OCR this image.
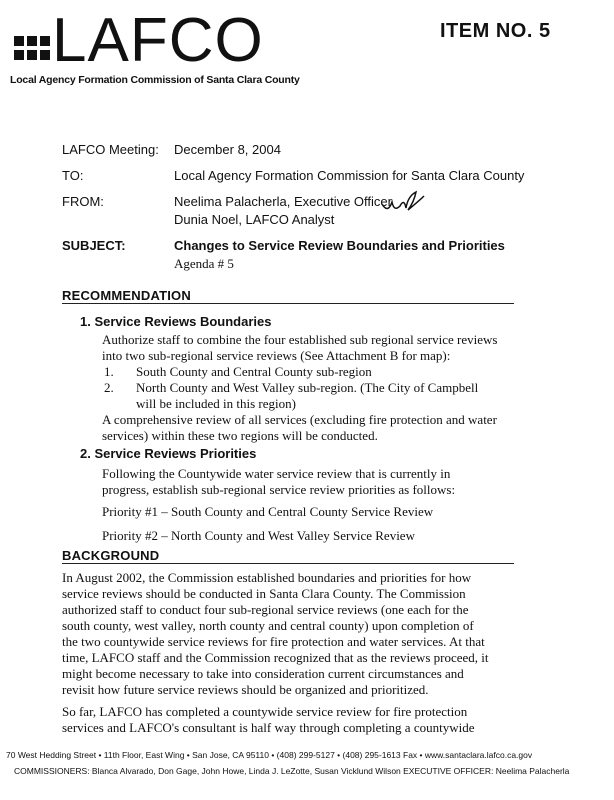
LAFCO
Local Agency Formation Commission of Santa Clara County
ITEM NO. 5
LAFCO Meeting: December 8, 2004
TO:	Local Agency Formation Commission for Santa Clara County
FROM:	Neelima Palacherla, Executive Officer
Dunia Noel, LAFCO Analyst
SUBJECT:	Changes to Service Review Boundaries and Priorities
Agenda # 5
RECOMMENDATION
1. Service Reviews Boundaries
Authorize staff to combine the four established sub regional service reviews
into two sub-regional service reviews (See Attachment B for map):
1. South County and Central County sub-region
2. North County and West Valley sub-region. (The City of Campbell
will be included in this region)
A comprehensive review of all services (excluding fire protection and water
services) within these two regions will be conducted.
2. Service Reviews Priorities
Following the Countywide water service review that is currently in
progress, establish sub-regional service review priorities as follows:
Priority #1 – South County and Central County Service Review
Priority #2 – North County and West Valley Service Review
BACKGROUND
In August 2002, the Commission established boundaries and priorities for how
service reviews should be conducted in Santa Clara County. The Commission
authorized staff to conduct four sub-regional service reviews (one each for the
south county, west valley, north county and central county) upon completion of
the two countywide service reviews for fire protection and water services. At that
time, LAFCO staff and the Commission recognized that as the reviews proceed, it
might become necessary to take into consideration current circumstances and
revisit how future service reviews should be organized and prioritized.
So far, LAFCO has completed a countywide service review for fire protection
services and LAFCO's consultant is half way through completing a countywide
70 West Hedding Street • 11th Floor, East Wing • San Jose, CA 95110 • (408) 299-5127 • (408) 295-1613 Fax • www.santaclara.lafco.ca.gov
COMMISSIONERS: Blanca Alvarado, Don Gage, John Howe, Linda J. LeZotte, Susan Vicklund Wilson EXECUTIVE OFFICER: Neelima Palacherla
